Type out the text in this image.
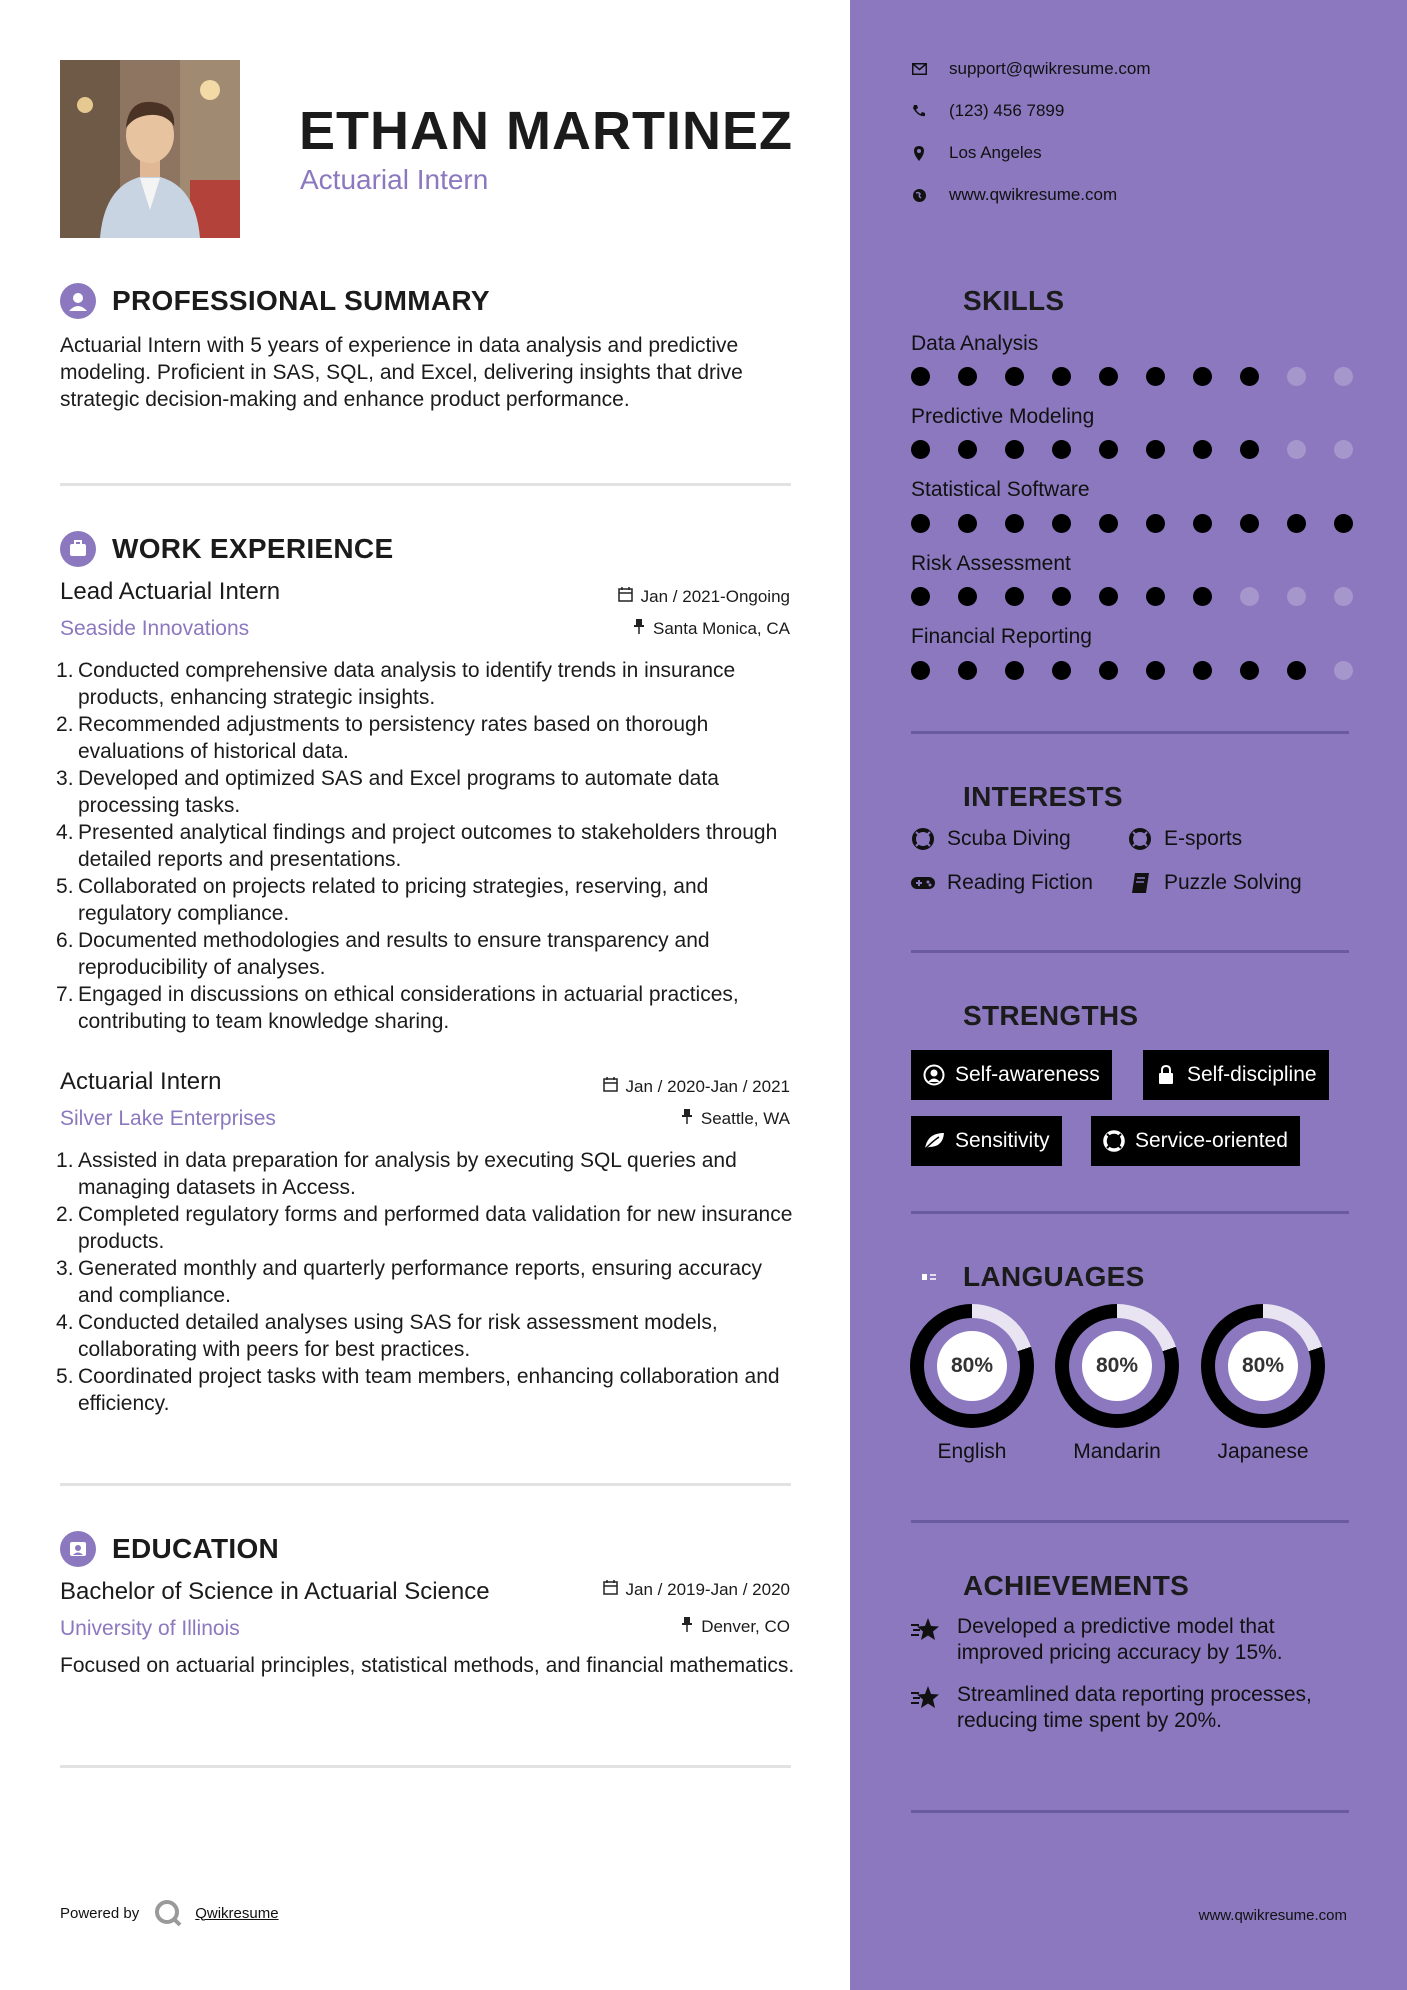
ETHAN MARTINEZ
Actuarial Intern
PROFESSIONAL SUMMARY
Actuarial Intern with 5 years of experience in data analysis and predictive modeling. Proficient in SAS, SQL, and Excel, delivering insights that drive strategic decision-making and enhance product performance.
WORK EXPERIENCE
Lead Actuarial Intern	Jan / 2021-Ongoing
Seaside Innovations	Santa Monica, CA
Conducted comprehensive data analysis to identify trends in insurance products, enhancing strategic insights.
Recommended adjustments to persistency rates based on thorough evaluations of historical data.
Developed and optimized SAS and Excel programs to automate data processing tasks.
Presented analytical findings and project outcomes to stakeholders through detailed reports and presentations.
Collaborated on projects related to pricing strategies, reserving, and regulatory compliance.
Documented methodologies and results to ensure transparency and reproducibility of analyses.
Engaged in discussions on ethical considerations in actuarial practices, contributing to team knowledge sharing.
Actuarial Intern	Jan / 2020-Jan / 2021
Silver Lake Enterprises	Seattle, WA
Assisted in data preparation for analysis by executing SQL queries and managing datasets in Access.
Completed regulatory forms and performed data validation for new insurance products.
Generated monthly and quarterly performance reports, ensuring accuracy and compliance.
Conducted detailed analyses using SAS for risk assessment models, collaborating with peers for best practices.
Coordinated project tasks with team members, enhancing collaboration and efficiency.
EDUCATION
Bachelor of Science in Actuarial Science	Jan / 2019-Jan / 2020
University of Illinois	Denver, CO
Focused on actuarial principles, statistical methods, and financial mathematics.
Powered by	Qwikresume
support@qwikresume.com
(123) 456 7899
Los Angeles
www.qwikresume.com
SKILLS
Data Analysis
Predictive Modeling
Statistical Software
Risk Assessment
Financial Reporting
INTERESTS
Scuba Diving	E-sports
Reading Fiction	Puzzle Solving
STRENGTHS
Self-awareness	Self-discipline
Sensitivity	Service-oriented
LANGUAGES
80%
English
80%
Mandarin
80%
Japanese
ACHIEVEMENTS
Developed a predictive model that improved pricing accuracy by 15%.
Streamlined data reporting processes, reducing time spent by 20%.
www.qwikresume.com
